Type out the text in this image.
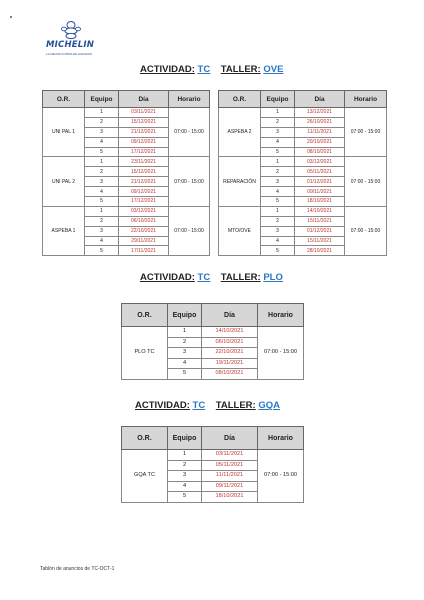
MICHELIN
LA MEJOR FORMA DE AVANZAR
ACTIVIDAD: TC TALLER: OVE
ACTIVIDAD: TC TALLER: PLO
ACTIVIDAD: TC TALLER: GQA
O.R.	Equipo	Día	Horario
UNI PAL 1	1	03/11/2021	07:00 - 15:00
	2	15/12/2021	
	3	21/12/2021	
	4	09/12/2021	
	5	17/12/2021	
UNI PAL 2	1	23/11/2021	07:00 - 15:00
	2	15/12/2021	
	3	21/12/2021	
	4	09/12/2021	
	5	17/12/2021	
ASPEBA 1	1	03/12/2021	07:00 - 15:00
	2	06/10/2021	
	3	22/10/2021	
	4	29/11/2021	
	5	17/11/2021	
O.R.	Equipo	Día	Horario
ASPEBA 2	1	13/12/2021	07:00 - 15:00
	2	26/10/2021	
	3	11/11/2021	
	4	20/10/2021	
	5	08/10/2021	
REPARACIÓN	1	03/12/2021	07:00 - 15:00
	2	05/11/2021	
	3	01/12/2021	
	4	09/11/2021	
	5	18/10/2021	
MTO/OVE	1	14/10/2021	07:00 - 15:00
	2	15/11/2021	
	3	01/12/2021	
	4	15/11/2021	
	5	28/10/2021	
O.R.	Equipo	Día	Horario
PLO TC	1	14/10/2021	07:00 - 15:00
	2	06/10/2021	
	3	22/10/2021	
	4	19/11/2021	
	5	08/10/2021	
O.R.	Equipo	Día	Horario
GQA TC	1	03/11/2021	07:00 - 15:00
	2	05/11/2021	
	3	11/11/2021	
	4	09/11/2021	
	5	18/10/2021	
Tablón de anuncios de TC-OCT-1
